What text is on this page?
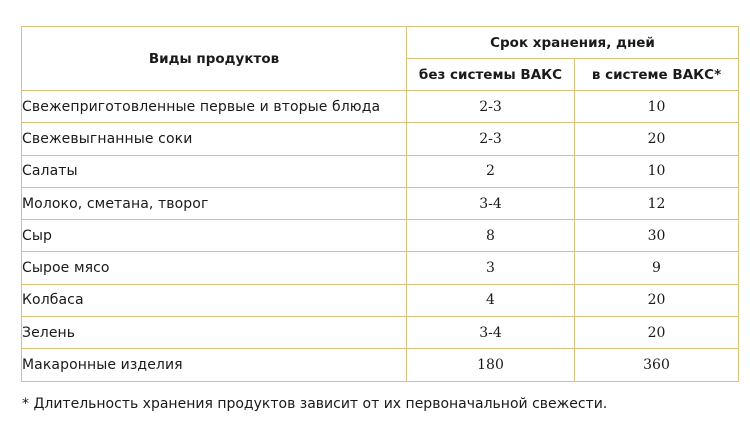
Виды продуктов	Срок хранения, дней	
	без системы ВАКС	в системе ВАКС*
Свежеприготовленные первые и вторые блюда	2-3	10
Свежевыгнанные соки	2-3	20
Салаты	2	10
Молоко, сметана, творог	3-4	12
Сыр	8	30
Сырое мясо	3	9
Колбаса	4	20
Зелень	3-4	20
Макаронные изделия	180	360
* Длительность хранения продуктов зависит от их первоначальной свежести.
